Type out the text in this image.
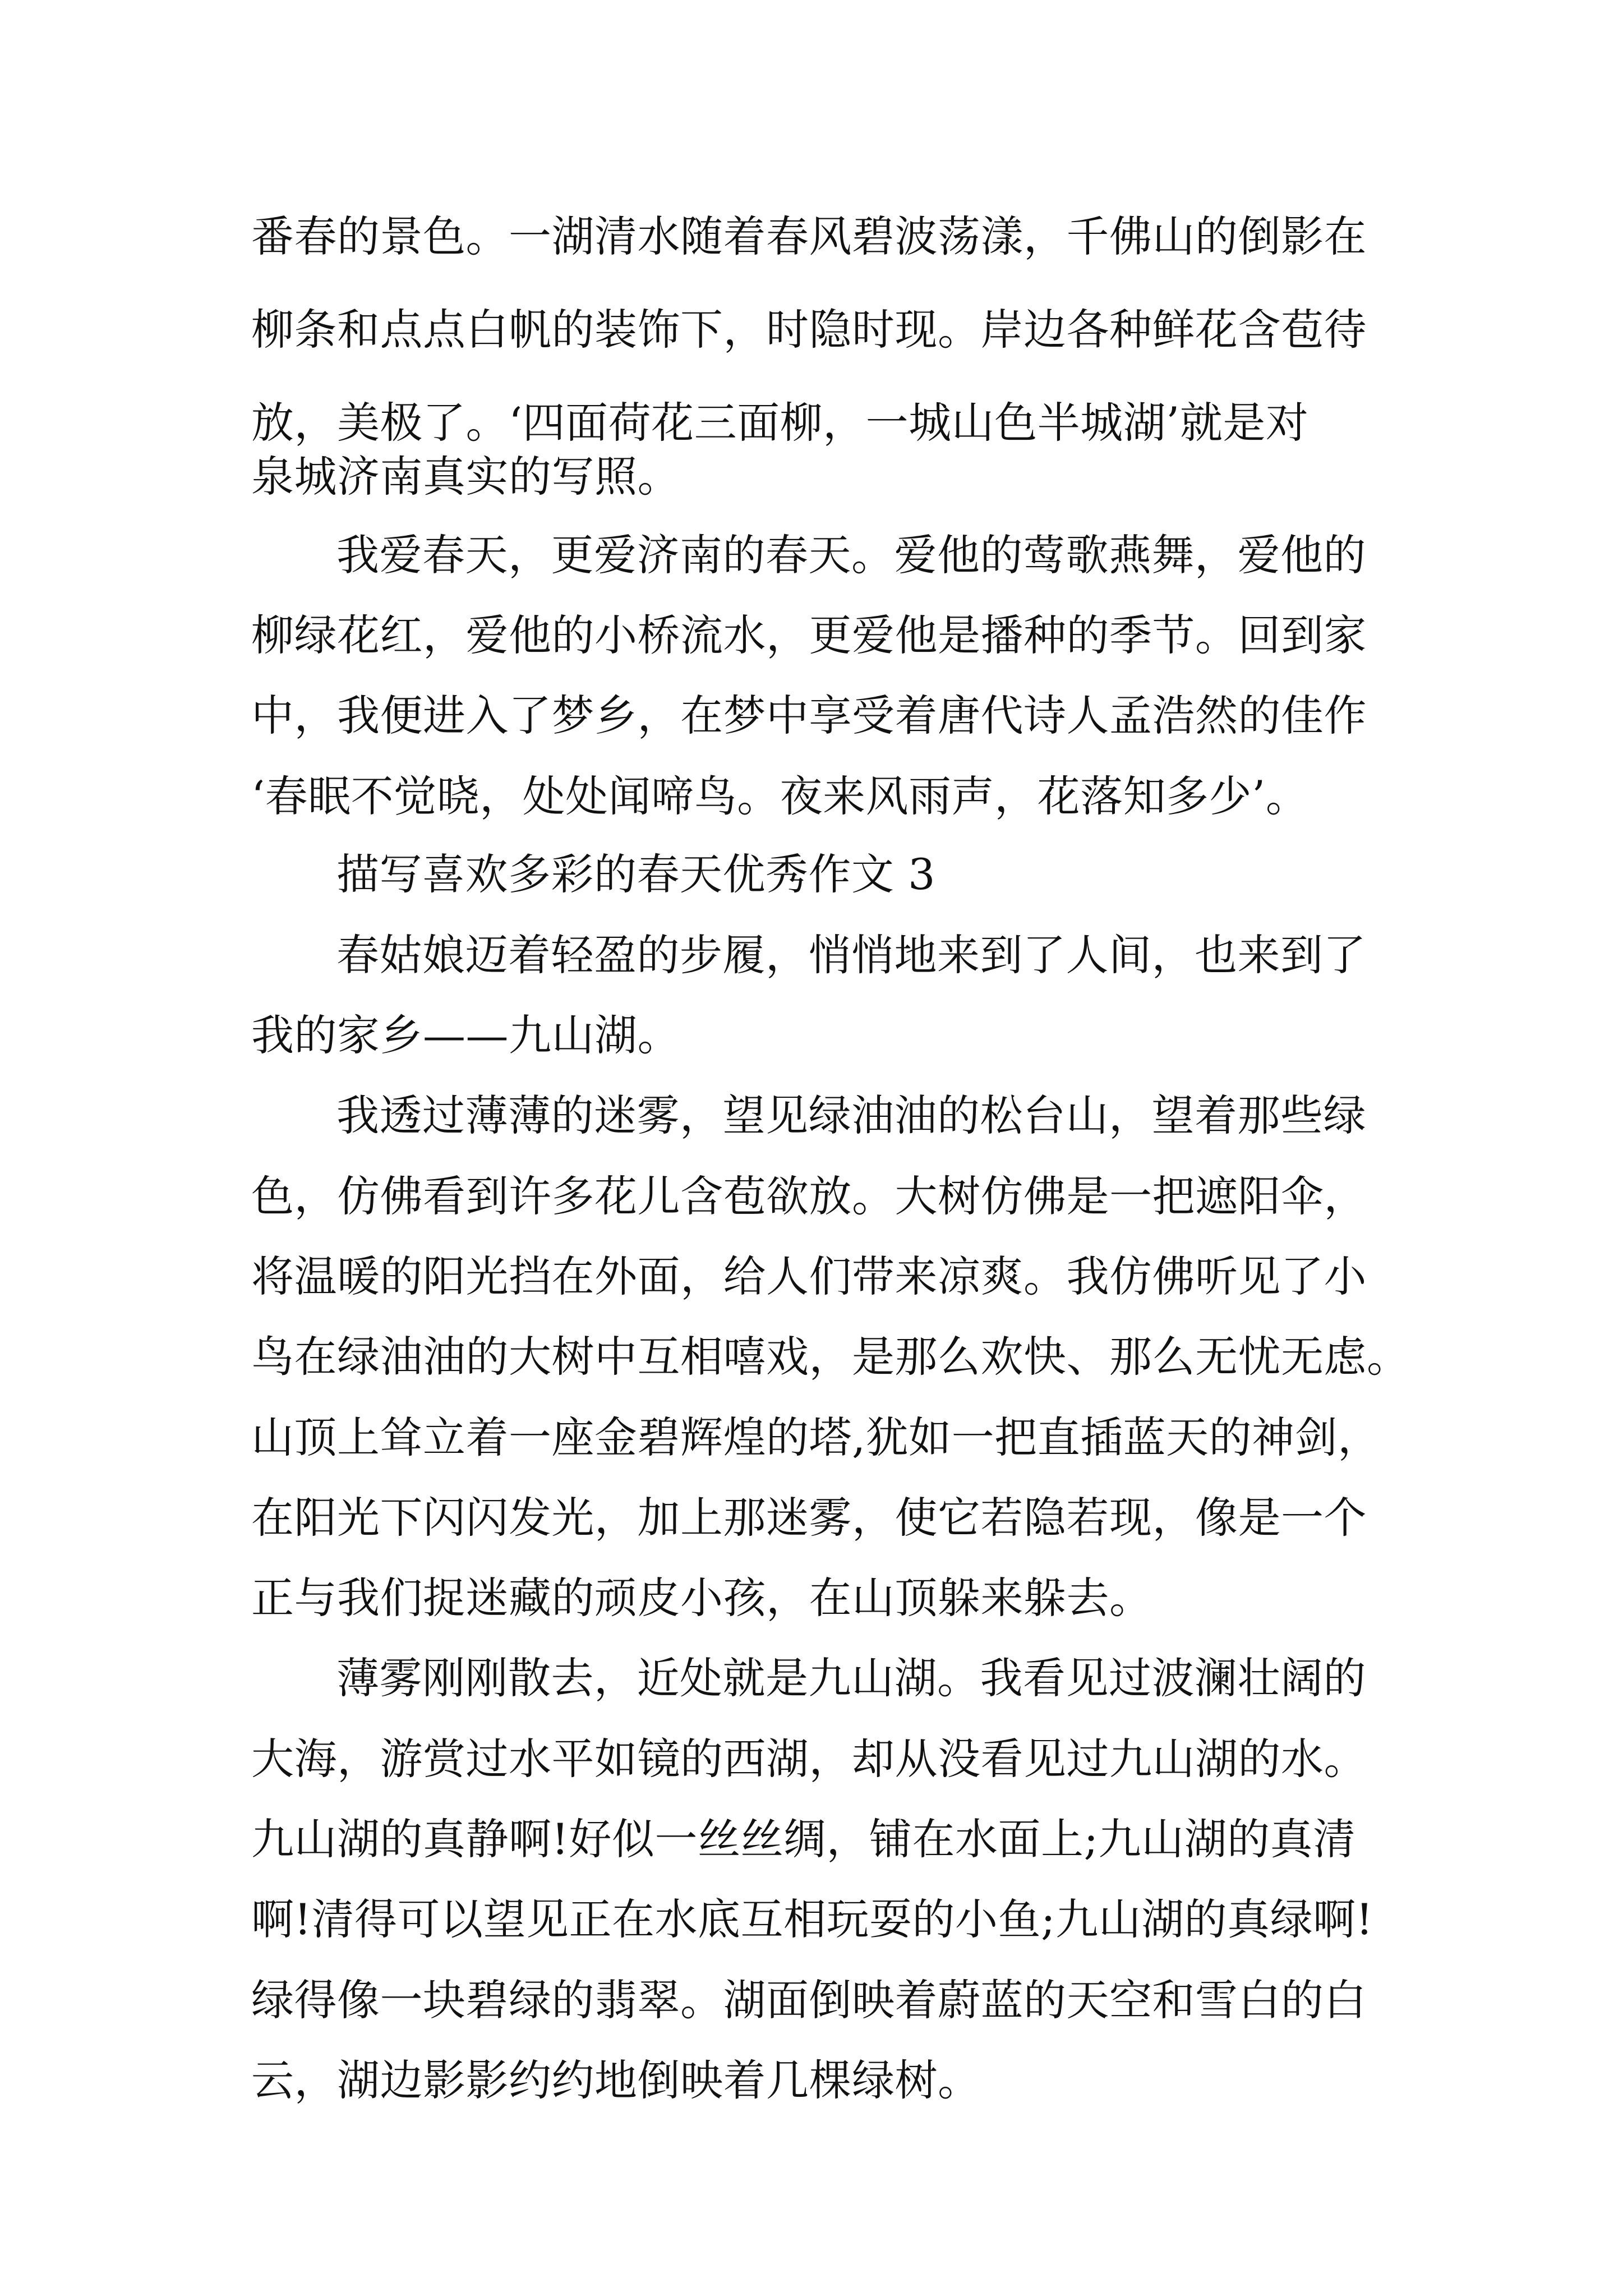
番春的景色。一湖清水随着春风碧波荡漾，千佛山的倒影在
柳条和点点白帆的装饰下，时隐时现。岸边各种鲜花含苞待
放，美极了。‘四面荷花三面柳，一城山色半城湖’就是对
泉城济南真实的写照。
我爱春天，更爱济南的春天。爱他的莺歌燕舞，爱他的
柳绿花红，爱他的小桥流水，更爱他是播种的季节。回到家
中，我便进入了梦乡，在梦中享受着唐代诗人孟浩然的佳作
‘春眠不觉晓，处处闻啼鸟。夜来风雨声，花落知多少’。
描写喜欢多彩的春天优秀作文 3
春姑娘迈着轻盈的步履，悄悄地来到了人间，也来到了
我的家乡——九山湖。
我透过薄薄的迷雾，望见绿油油的松台山，望着那些绿
色，仿佛看到许多花儿含苞欲放。大树仿佛是一把遮阳伞，
将温暖的阳光挡在外面，给人们带来凉爽。我仿佛听见了小
鸟在绿油油的大树中互相嘻戏，是那么欢快、那么无忧无虑。
山顶上耸立着一座金碧辉煌的塔,犹如一把直插蓝天的神剑，
在阳光下闪闪发光，加上那迷雾，使它若隐若现，像是一个
正与我们捉迷藏的顽皮小孩，在山顶躲来躲去。
薄雾刚刚散去，近处就是九山湖。我看见过波澜壮阔的
大海，游赏过水平如镜的西湖，却从没看见过九山湖的水。
九山湖的真静啊!好似一丝丝绸，铺在水面上;九山湖的真清
啊!清得可以望见正在水底互相玩耍的小鱼;九山湖的真绿啊!
绿得像一块碧绿的翡翠。湖面倒映着蔚蓝的天空和雪白的白
云，湖边影影约约地倒映着几棵绿树。
